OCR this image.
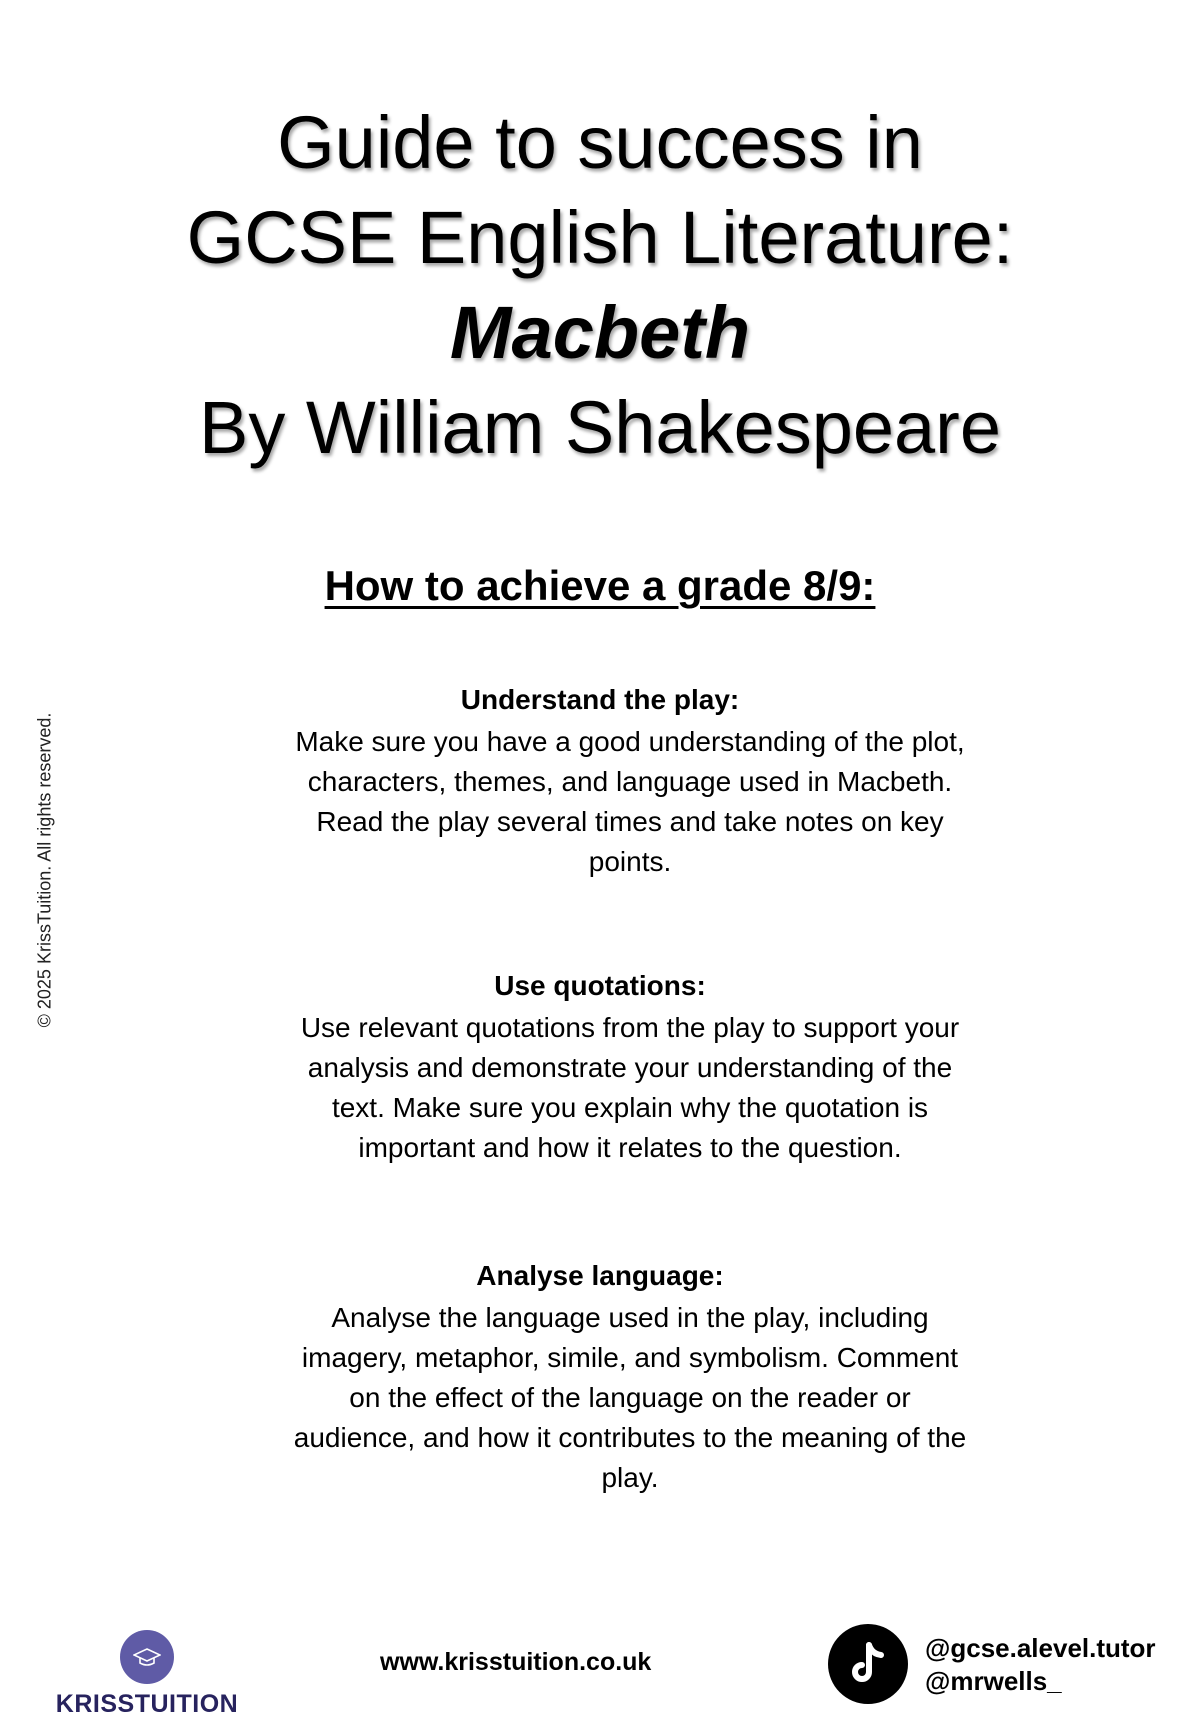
Guide to success in
GCSE English Literature:
Macbeth
By William Shakespeare
How to achieve a grade 8/9:
Understand the play:
Make sure you have a good understanding of the plot, characters, themes, and language used in Macbeth. Read the play several times and take notes on key points.
Use quotations:
Use relevant quotations from the play to support your analysis and demonstrate your understanding of the text. Make sure you explain why the quotation is important and how it relates to the question.
Analyse language:
Analyse the language used in the play, including imagery, metaphor, simile, and symbolism. Comment on the effect of the language on the reader or audience, and how it contributes to the meaning of the play.
© 2025 KrissTuition. All rights reserved.
KRISSTUITION
www.krisstuition.co.uk	@gcse.alevel.tutor
@mrwells_
